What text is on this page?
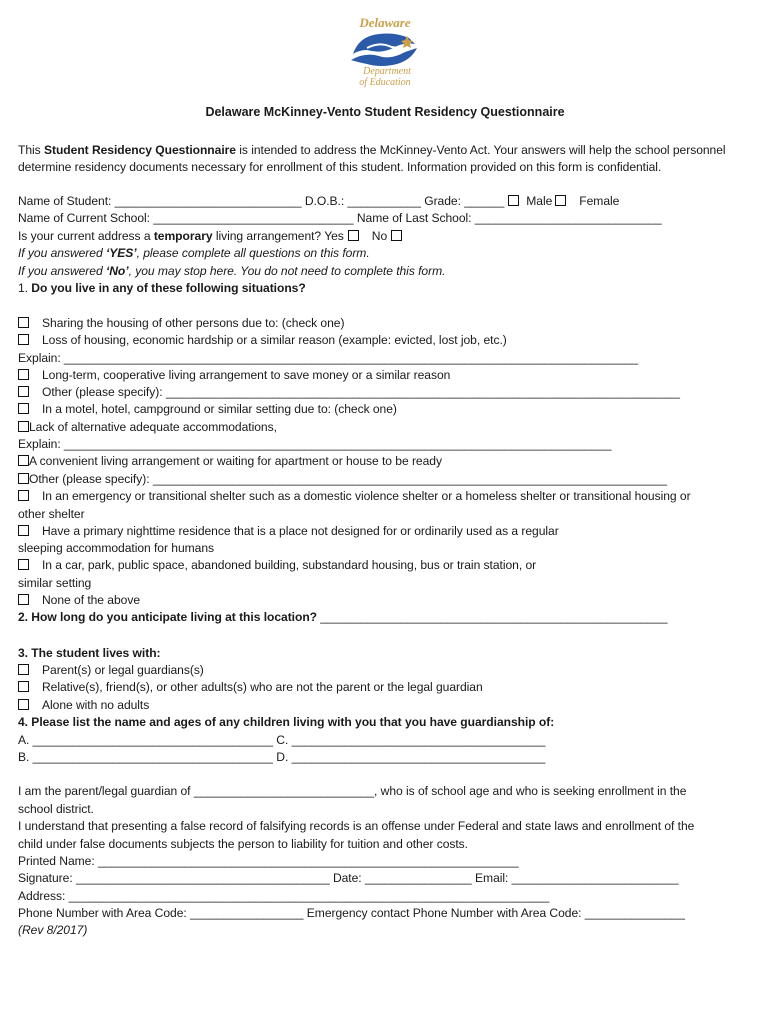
Delaware
Department
of Education
Delaware McKinney-Vento Student Residency Questionnaire
This Student Residency Questionnaire is intended to address the McKinney-Vento Act. Your answers will help the school personnel determine residency documents necessary for enrollment of this student. Information provided on this form is confidential.
Name of Student: ____________________________ D.O.B.: ___________ Grade: ______ Male Female
Name of Current School: ______________________________ Name of Last School: ____________________________
Is your current address a temporary living arrangement? Yes No
If you answered ‘YES’, please complete all questions on this form.
If you answered ‘No’, you may stop here. You do not need to complete this form.
1. Do you live in any of these following situations?
Sharing the housing of other persons due to: (check one)
Loss of housing, economic hardship or a similar reason (example: evicted, lost job, etc.)
Explain: ______________________________________________________________________________________
Long-term, cooperative living arrangement to save money or a similar reason
Other (please specify): _____________________________________________________________________________
In a motel, hotel, campground or similar setting due to: (check one)
Lack of alternative adequate accommodations,
Explain: __________________________________________________________________________________
A convenient living arrangement or waiting for apartment or house to be ready
Other (please specify): _____________________________________________________________________________
In an emergency or transitional shelter such as a domestic violence shelter or a homeless shelter or transitional housing or
other shelter
Have a primary nighttime residence that is a place not designed for or ordinarily used as a regular
sleeping accommodation for humans
In a car, park, public space, abandoned building, substandard housing, bus or train station, or
similar setting
None of the above
2. How long do you anticipate living at this location? ____________________________________________________
3. The student lives with:
Parent(s) or legal guardians(s)
Relative(s), friend(s), or other adults(s) who are not the parent or the legal guardian
Alone with no adults
4. Please list the name and ages of any children living with you that you have guardianship of:
A. ____________________________________ C. ______________________________________
B. ____________________________________ D. ______________________________________
I am the parent/legal guardian of ___________________________, who is of school age and who is seeking enrollment in the
school district.
I understand that presenting a false record of falsifying records is an offense under Federal and state laws and enrollment of the
child under false documents subjects the person to liability for tuition and other costs.
Printed Name: _______________________________________________________________
Signature: ______________________________________ Date: ________________ Email: _________________________
Address: ________________________________________________________________________
Phone Number with Area Code: _________________ Emergency contact Phone Number with Area Code: _______________
(Rev 8/2017)
